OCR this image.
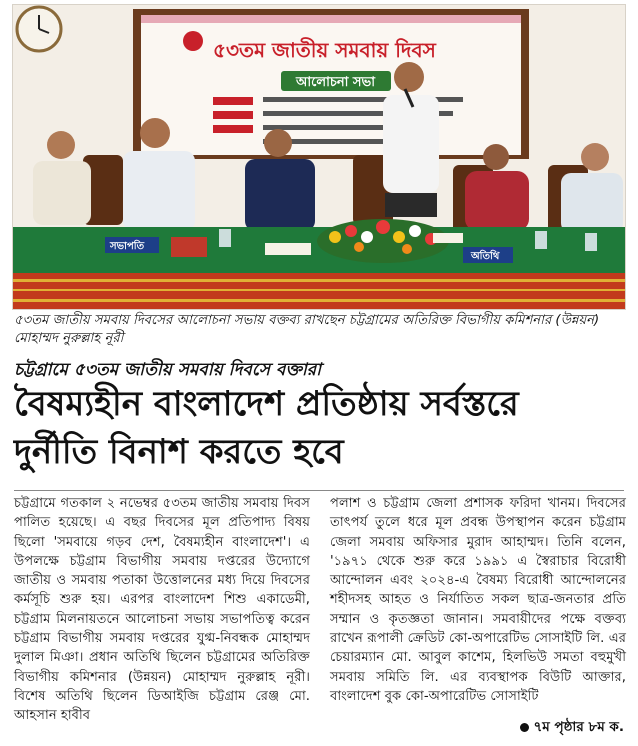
৫৩তম জাতীয় সমবায় দিবস
আলোচনা সভা
সভাপতি
অতিথি
৫৩তম জাতীয় সমবায় দিবসের আলোচনা সভায় বক্তব্য রাখছেন চট্টগ্রামের অতিরিক্ত বিভাগীয় কমিশনার (উন্নয়ন) মোহাম্মদ নুরুল্লাহ নূরী
চট্টগ্রামে ৫৩তম জাতীয় সমবায় দিবসে বক্তারা
বৈষম্যহীন বাংলাদেশ প্রতিষ্ঠায় সর্বস্তরে
দুর্নীতি বিনাশ করতে হবে
চট্টগ্রামে গতকাল ২ নভেম্বর ৫৩তম জাতীয় সমবায় দিবস পালিত হয়েছে। এ বছর দিবসের মূল প্রতিপাদ্য বিষয় ছিলো 'সমবায়ে গড়ব দেশ, বৈষম্যহীন বাংলাদেশ'। এ উপলক্ষে চট্টগ্রাম বিভাগীয় সমবায় দপ্তরের উদ্যোগে জাতীয় ও সমবায় পতাকা উত্তোলনের মধ্য দিয়ে দিবসের কর্মসূচি শুরু হয়। এরপর বাংলাদেশ শিশু একাডেমী, চট্টগ্রাম মিলনায়তনে আলোচনা সভায় সভাপতিত্ব করেন চট্টগ্রাম বিভাগীয় সমবায় দপ্তরের যুগ্ম-নিবন্ধক মোহাম্মদ দুলাল মিঞা। প্রধান অতিথি ছিলেন চট্টগ্রামের অতিরিক্ত বিভাগীয় কমিশনার (উন্নয়ন) মোহাম্মদ নুরুল্লাহ নূরী। বিশেষ অতিথি ছিলেন ডিআইজি চট্টগ্রাম রেঞ্জ মো. আহসান হাবীব
পলাশ ও চট্টগ্রাম জেলা প্রশাসক ফরিদা খানম। দিবসের তাৎপর্য তুলে ধরে মূল প্রবন্ধ উপস্থাপন করেন চট্টগ্রাম জেলা সমবায় অফিসার মুরাদ আহাম্মদ। তিনি বলেন, '১৯৭১ থেকে শুরু করে ১৯৯১ এ স্বৈরাচার বিরোধী আন্দোলন এবং ২০২৪-এ বৈষম্য বিরোধী আন্দোলনের শহীদসহ আহত ও নির্যাতিত সকল ছাত্র-জনতার প্রতি সম্মান ও কৃতজ্ঞতা জানান। সমবায়ীদের পক্ষে বক্তব্য রাখেন রূপালী ক্রেডিট কো-অপারেটিভ সোসাইটি লি. এর চেয়ারম্যান মো. আবুল কাশেম, হিলভিউ সমতা বহুমুখী সমবায় সমিতি লি. এর ব্যবস্থাপক বিউটি আক্তার, বাংলাদেশ বুক কো-অপারেটিভ সোসাইটি
৭ম পৃষ্ঠার ৮ম ক.
